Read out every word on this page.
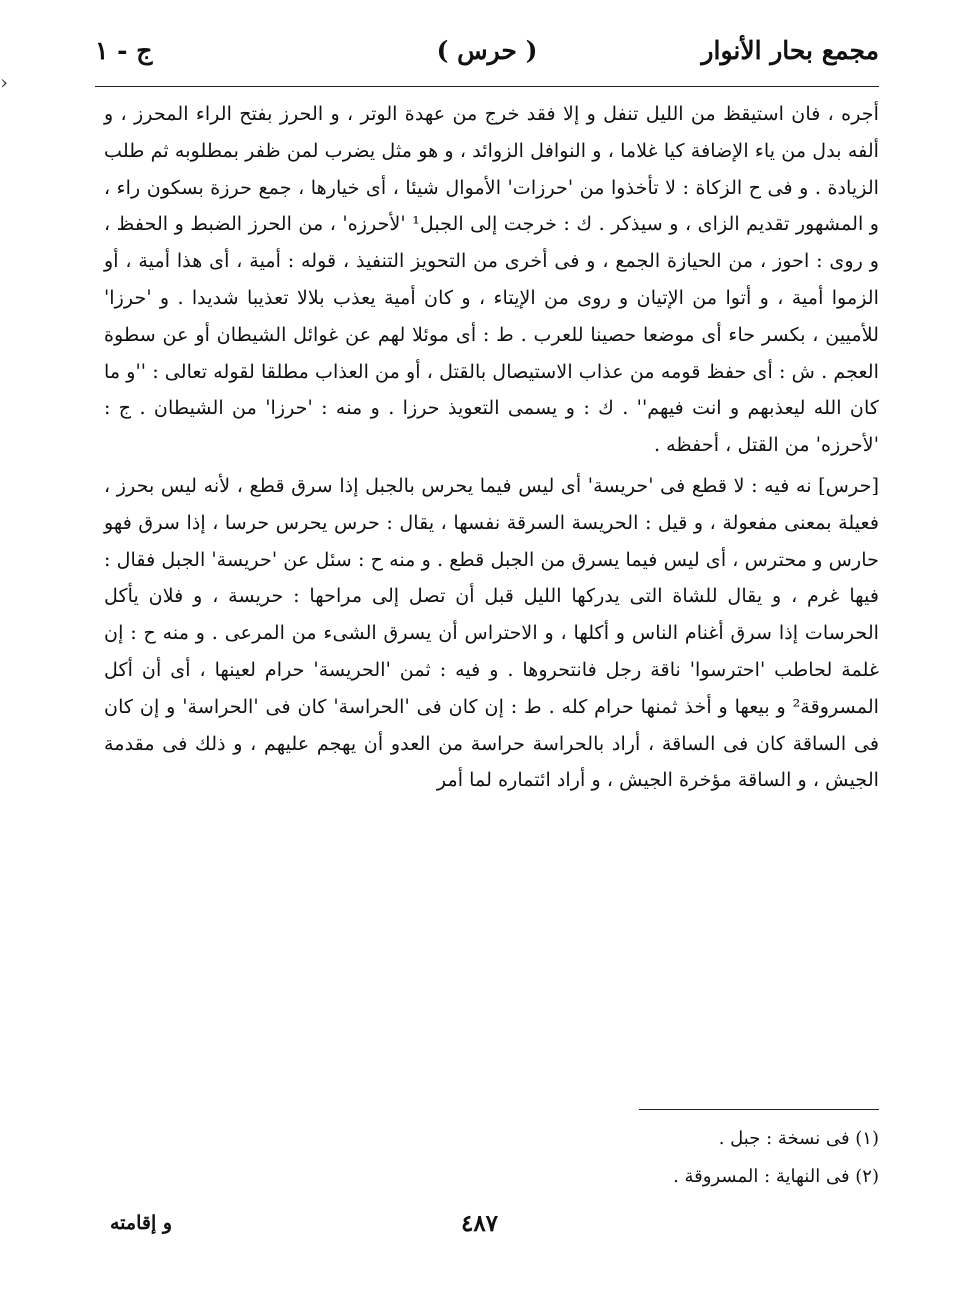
مجمع بحار الأنوار
( حرس )
ج - ١
‹

أجره ، فان استيقظ من الليل تنفل و إلا فقد خرج من عهدة الوتر ، و الحرز بفتح الراء المحرز ، و ألفه بدل من ياء الإضافة كيا غلاما ، و النوافل الزوائد ، و هو مثل يضرب لمن ظفر بمطلوبه ثم طلب الزيادة . و فى ح الزكاة : لا تأخذوا من 'حرزات' الأموال شيئا ، أى خيارها ، جمع حرزة بسكون راء ، و المشهور تقديم الزاى ، و سيذكر . ك : خرجت إلى الجبل¹ 'لأحرزه' ، من الحرز الضبط و الحفظ ، و روى : احوز ، من الحيازة الجمع ، و فى أخرى من التحويز التنفيذ ، قوله : أمية ، أى هذا أمية ، أو الزموا أمية ، و أتوا من الإتيان و روى من الإيتاء ، و كان أمية يعذب بلالا تعذيبا شديدا . و 'حرزا' للأميين ، بكسر حاء أى موضعا حصينا للعرب . ط : أى موئلا لهم عن غوائل الشيطان أو عن سطوة العجم . ش : أى حفظ قومه من عذاب الاستيصال بالقتل ، أو من العذاب مطلقا لقوله تعالى : ''و ما كان الله ليعذبهم و انت فيهم'' . ك : و يسمى التعويذ حرزا . و منه : 'حرزا' من الشيطان . ج : 'لأحرزه' من القتل ، أحفظه .

[حرس] نه فيه : لا قطع فى 'حريسة' أى ليس فيما يحرس بالجبل إذا سرق قطع ، لأنه ليس بحرز ، فعيلة بمعنى مفعولة ، و قيل : الحريسة السرقة نفسها ، يقال : حرس يحرس حرسا ، إذا سرق فهو حارس و محترس ، أى ليس فيما يسرق من الجبل قطع . و منه ح : سئل عن 'حريسة' الجبل فقال : فيها غرم ، و يقال للشاة التى يدركها الليل قبل أن تصل إلى مراحها : حريسة ، و فلان يأكل الحرسات إذا سرق أغنام الناس و أكلها ، و الاحتراس أن يسرق الشىء من المرعى . و منه ح : إن غلمة لحاطب 'احترسوا' ناقة رجل فانتحروها . و فيه : ثمن 'الحريسة' حرام لعينها ، أى أن أكل المسروقة² و بيعها و أخذ ثمنها حرام كله . ط : إن كان فى 'الحراسة' كان فى 'الحراسة' و إن كان فى الساقة كان فى الساقة ، أراد بالحراسة حراسة من العدو أن يهجم عليهم ، و ذلك فى مقدمة الجيش ، و الساقة مؤخرة الجيش ، و أراد ائتماره لما أمر

(١) فى نسخة : جبل .
(٢) فى النهاية : المسروقة .
٤٨٧
و إقامته
